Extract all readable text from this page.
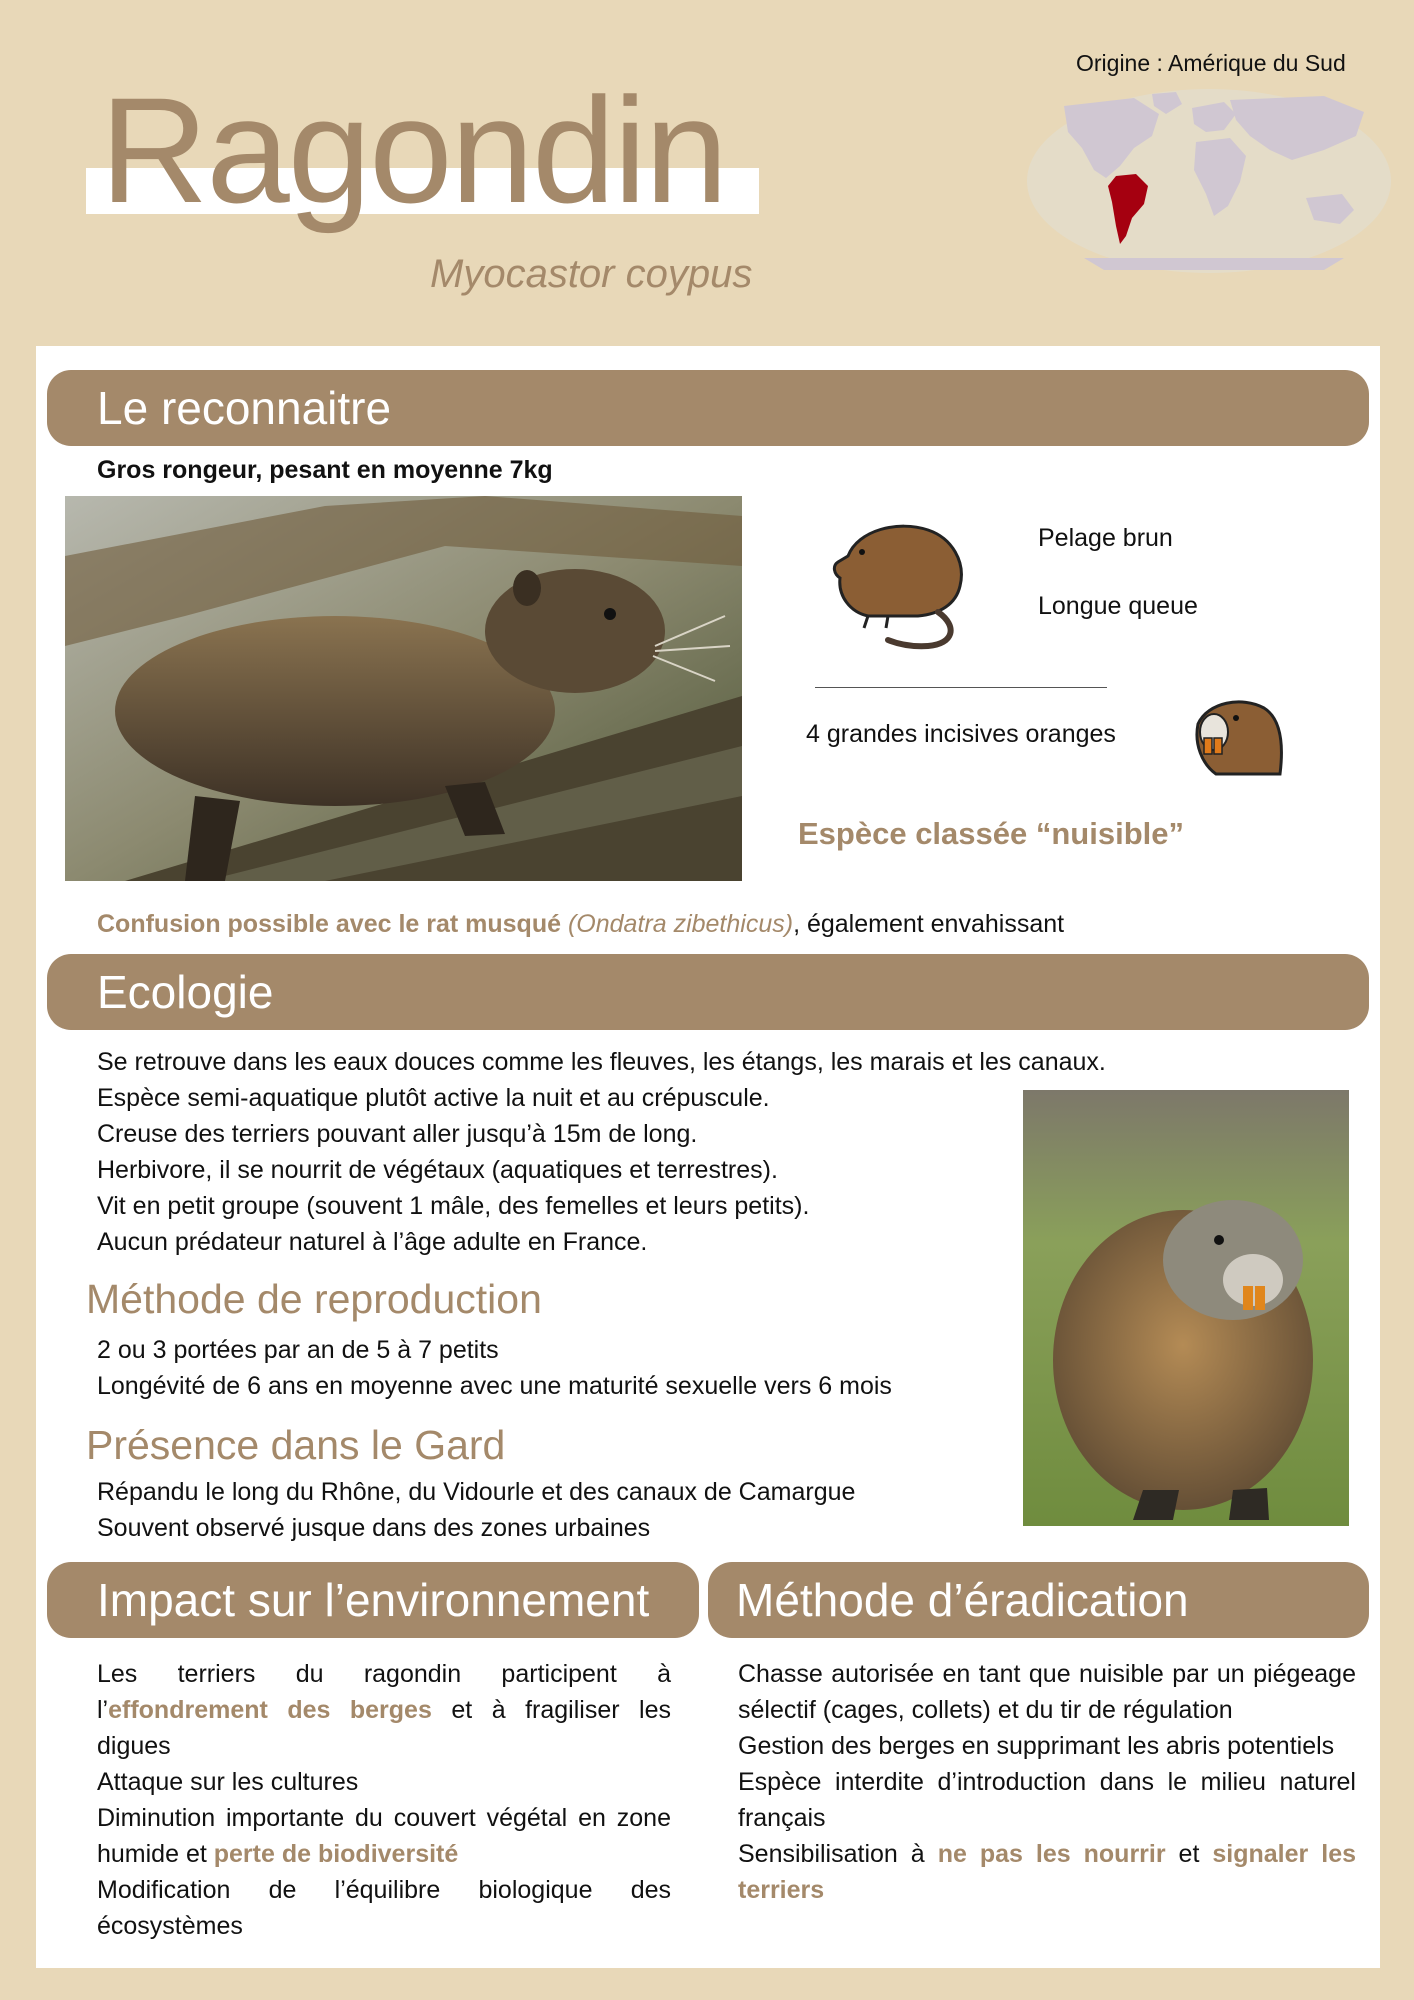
Ragondin
Myocastor coypus
Origine : Amérique du Sud
Le reconnaitre
Gros rongeur, pesant en moyenne 7kg
Pelage brun
Longue queue
4 grandes incisives oranges
Espèce classée “nuisible”
Confusion possible avec le rat musqué (Ondatra zibethicus), également envahissant
Ecologie

Se retrouve dans les eaux douces comme les fleuves, les étangs, les marais et les canaux.

Espèce semi-aquatique plutôt active la nuit et au crépuscule.

Creuse des terriers pouvant aller jusqu’à 15m de long.

Herbivore, il se nourrit de végétaux (aquatiques et terrestres).

Vit en petit groupe (souvent 1 mâle, des femelles et leurs petits).

Aucun prédateur naturel à l’âge adulte en France.

Méthode de reproduction

2 ou 3 portées par an de 5 à 7 petits

Longévité de 6 ans en moyenne avec une maturité sexuelle vers 6 mois

Présence dans le Gard

Répandu le long du Rhône, du Vidourle et des canaux de Camargue

Souvent observé jusque dans des zones urbaines

Impact sur l’environnement	Méthode d’éradication

Les terriers du ragondin participent à l’effondrement des berges et à fragiliser les digues

Attaque sur les cultures

Diminution importante du couvert végétal en zone humide et perte de biodiversité

Modification de l’équilibre biologique des écosystèmes

Chasse autorisée en tant que nuisible par un piégeage sélectif (cages, collets) et du tir de régulation

Gestion des berges en supprimant les abris potentiels

Espèce interdite d’introduction dans le milieu naturel français

Sensibilisation à ne pas les nourrir et signaler les terriers
